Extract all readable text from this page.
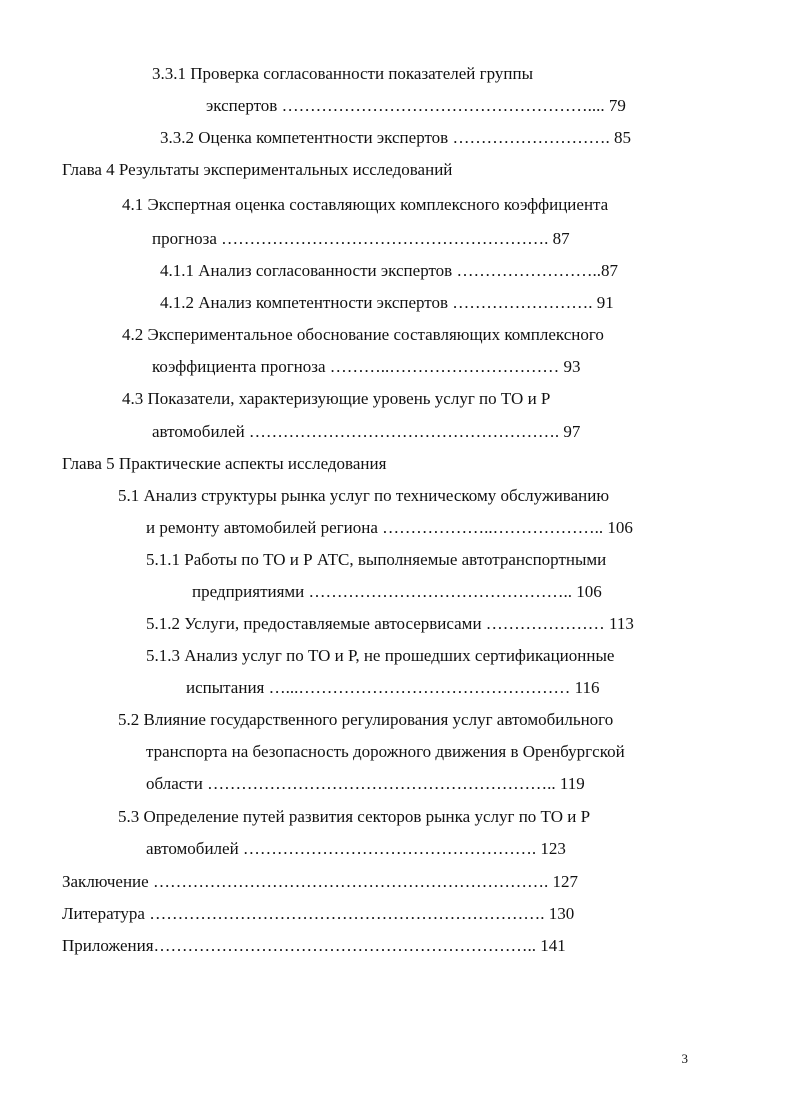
3.3.1 Проверка согласованности показателей группы

экспертов ……………………………………………….... 79

3.3.2 Оценка компетентности экспертов ………………………. 85

Глава 4 Результаты экспериментальных исследований

4.1 Экспертная оценка составляющих комплексного коэффициента

прогноза …………………………………………………. 87

4.1.1 Анализ согласованности экспертов ……………………..87

4.1.2 Анализ компетентности экспертов ……………………. 91

4.2 Экспериментальное обоснование составляющих комплексного

коэффициента прогноза ………..………………………… 93

4.3 Показатели, характеризующие уровень услуг по ТО и Р

автомобилей ………………………………………………. 97

Глава 5 Практические аспекты исследования

5.1 Анализ структуры рынка услуг по техническому обслуживанию

и ремонту автомобилей региона ………………..……………….. 106

5.1.1 Работы по ТО и Р АТС, выполняемые автотранспортными

предприятиями ……………………………………….. 106

5.1.2 Услуги, предоставляемые автосервисами ………………… 113

5.1.3 Анализ услуг по ТО и Р, не прошедших сертификационные

испытания …...………………………………………… 116

5.2 Влияние государственного регулирования услуг автомобильного

транспорта на безопасность дорожного движения в Оренбургской

области …………………………………………………….. 119

5.3 Определение путей развития секторов рынка услуг по ТО и Р

автомобилей ……………………………………………. 123

Заключение ……………………………………………………………. 127

Литература ……………………………………………………………. 130

Приложения………………………………………………………….. 141

3
